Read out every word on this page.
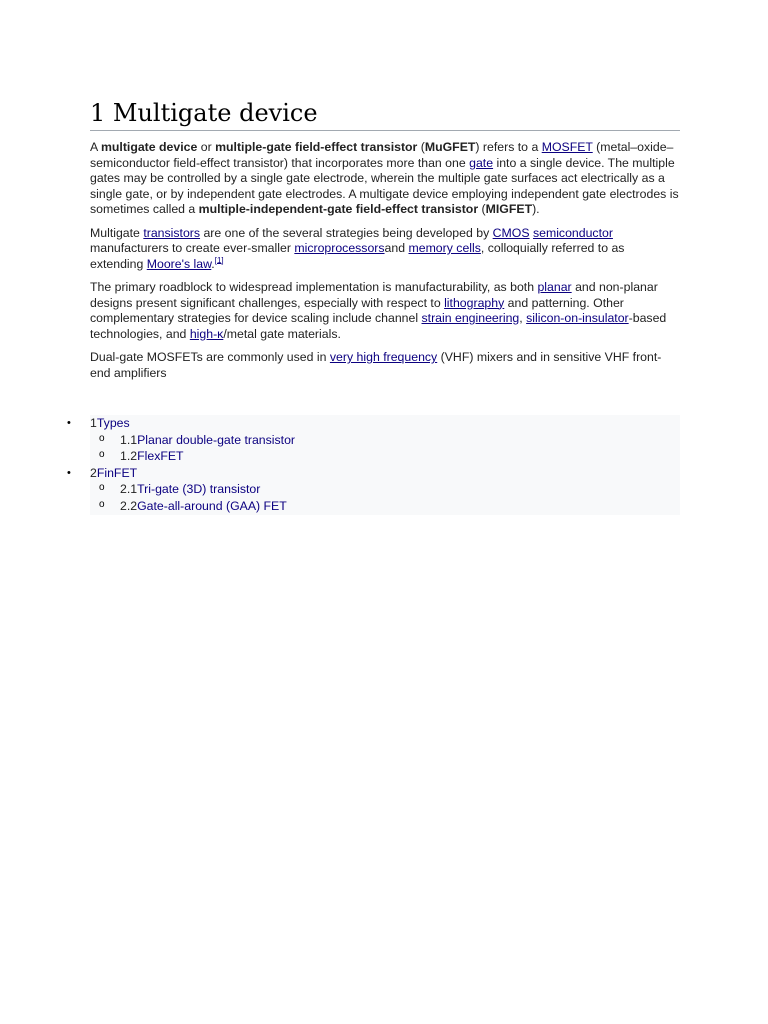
1 Multigate device

A multigate device or multiple-gate field-effect transistor (MuGFET) refers to a MOSFET (metal–oxide–semiconductor field-effect transistor) that incorporates more than one gate into a single device. The multiple gates may be controlled by a single gate electrode, wherein the multiple gate surfaces act electrically as a single gate, or by independent gate electrodes. A multigate device employing independent gate electrodes is sometimes called a multiple-independent-gate field-effect transistor (MIGFET).

Multigate transistors are one of the several strategies being developed by CMOS semiconductor manufacturers to create ever-smaller microprocessorsand memory cells, colloquially referred to as extending Moore's law.[1]

The primary roadblock to widespread implementation is manufacturability, as both planar and non-planar designs present significant challenges, especially with respect to lithography and patterning. Other complementary strategies for device scaling include channel strain engineering, silicon-on-insulator-based technologies, and high-κ/metal gate materials.

Dual-gate MOSFETs are commonly used in very high frequency (VHF) mixers and in sensitive VHF front-end amplifiers

• 1Types
o 1.1Planar double-gate transistor
o 1.2FlexFET
• 2FinFET
o 2.1Tri-gate (3D) transistor
o 2.2Gate-all-around (GAA) FET
